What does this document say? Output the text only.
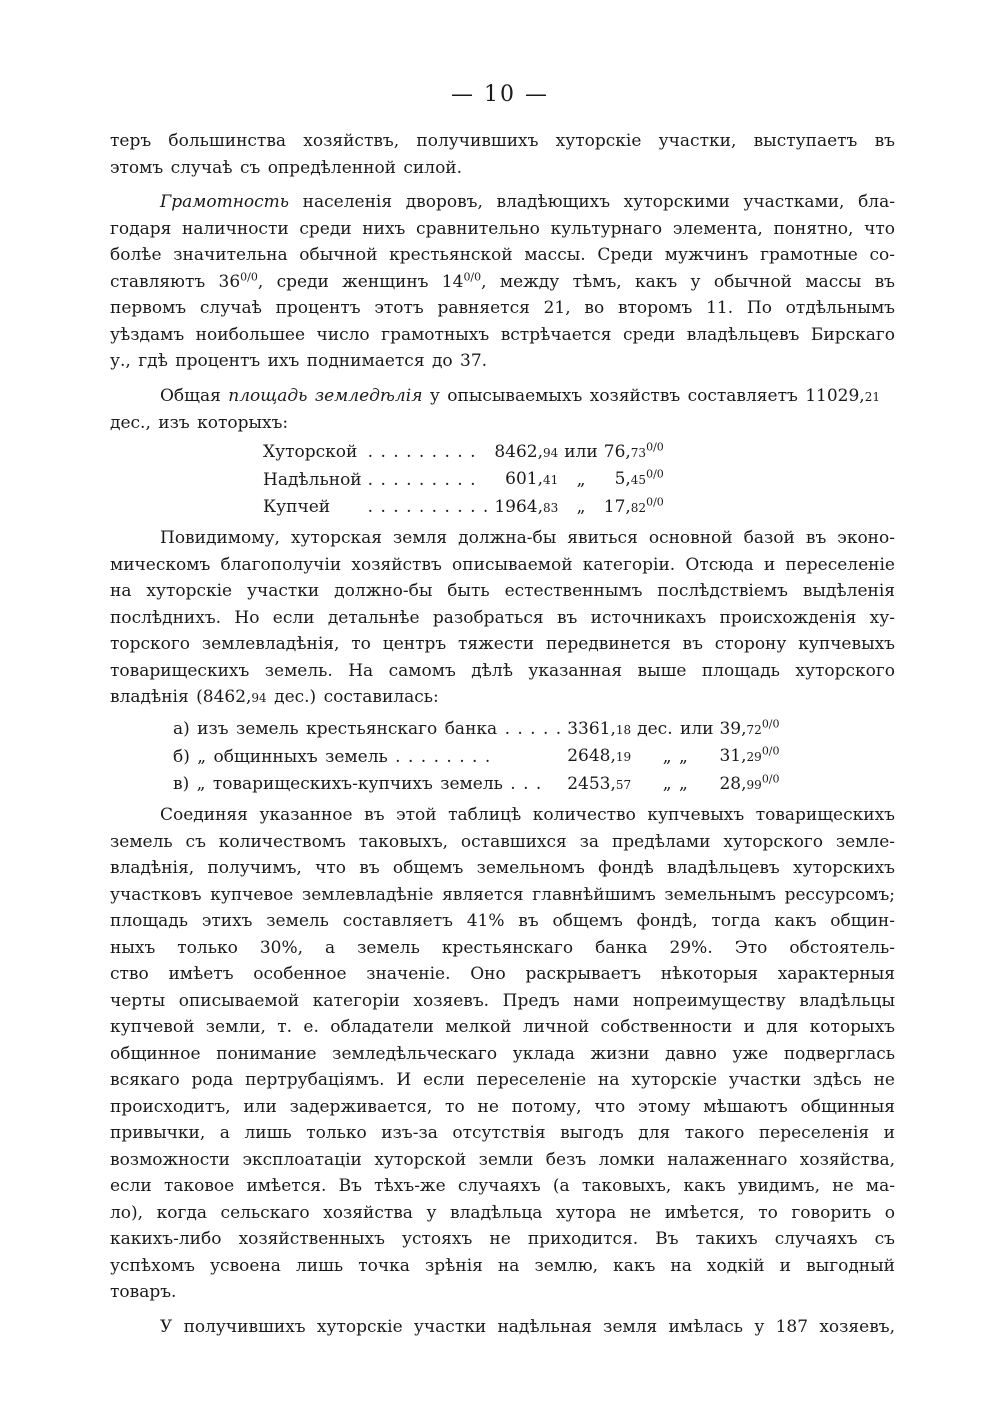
— 10 —
теръ большинства хозяйствъ, получившихъ хуторскіе участки, выступаетъ въ
этомъ случаѣ съ опредѣленной силой.
Грамотность населенія дворовъ, владѣющихъ хуторскими участками, бла-
годаря наличности среди нихъ сравнительно культурнаго элемента, понятно, что
болѣе значительна обычной крестьянской массы. Среди мужчинъ грамотные со-
ставляютъ $36^{0/0}$, среди женщинъ $14^{0/0}$, между тѣмъ, какъ у обычной массы въ
первомъ случаѣ процентъ этотъ равняется 21, во второмъ 11. По отдѣльнымъ
уѣздамъ нoибольшее число грамотныхъ встрѣчается среди владѣльцевъ Бирскаго
у., гдѣ процентъ ихъ поднимается до 37.
Общая площадь земледѣлія у опысываемыхъ хозяйствъ составляетъ 11029,21
дес., изъ которыхъ:
Хуторской	. . . . . . . . .	8462,94	или	$76,73^{0/0}$
Надѣльной	. . . . . . . . .	601,41	„	$5,45^{0/0}$
Купчей	. . . . . . . . . .	1964,83	„	$17,82^{0/0}$
Повидимому, хуторская земля должна-бы явиться основной базой въ эконо-
мическомъ благополучіи хозяйствъ описываемой категоріи. Отсюда и переселеніе
на хуторскіе участки должно-бы быть естественнымъ послѣдствіемъ выдѣленія
послѣднихъ. Но если детальнѣе разобраться въ источникахъ происхожденія ху-
торского землевладѣнія, то центръ тяжести передвинется въ сторону купчевыхъ
товарищескихъ земель. На самомъ дѣлѣ указанная выше площадь хуторского
владѣнія (8462,94 дес.) составилась:
а) изъ земель крестьянскаго банка . . . . .	3361,18	дес. или	$39,72^{0/0}$
б) „ общинныхъ земель . . . . . . . .	2648,19	„ „	$31,29^{0/0}$
в) „ товарищескихъ-купчихъ земель . . .	2453,57	„ „	$28,99^{0/0}$
Соединяя указанное въ этой таблицѣ количество купчевыхъ товарищескихъ
земель съ количествомъ таковыхъ, оставшихся за предѣлами хуторского земле-
владѣнія, получимъ, что въ общемъ земельномъ фондѣ владѣльцевъ хуторскихъ
участковъ купчевое землевладѣніе является главнѣйшимъ земельнымъ рессурсомъ;
площадь этихъ земель составляетъ 41% въ общемъ фондѣ, тогда какъ общин-
ныхъ только 30%, а земель крестьянскаго банка 29%. Это обстоятель-
ство имѣетъ особенное значеніе. Оно раскрываетъ нѣкоторыя характерныя
черты описываемой категоріи хозяевъ. Предъ нами нопреимуществу владѣльцы
купчевой земли, т. е. обладатели мелкой личной собственности и для которыхъ
общинное понимание земледѣльческаго уклада жизни давно уже подверглась
всякаго рода пертрубаціямъ. И если переселеніе на хуторскіе участки здѣсь не
происходитъ, или задерживается, то не потому, что этому мѣшаютъ общинныя
привычки, а лишь только изъ-за отсутствія выгодъ для такого переселенія и
возможности эксплоатаціи хуторской земли безъ ломки налаженнаго хозяйства,
если таковое имѣется. Въ тѣхъ-же случаяхъ (а таковыхъ, какъ увидимъ, не ма-
ло), когда сельскаго хозяйства у владѣльца хутора не имѣется, то говорить о
какихъ-либо хозяйственныхъ устояхъ не приходится. Въ такихъ случаяхъ съ
успѣхомъ усвоена лишь точка зрѣнія на землю, какъ на ходкій и выгодный
товаръ.
У получившихъ хуторскіе участки надѣльная земля имѣлась у 187 хозяевъ,
